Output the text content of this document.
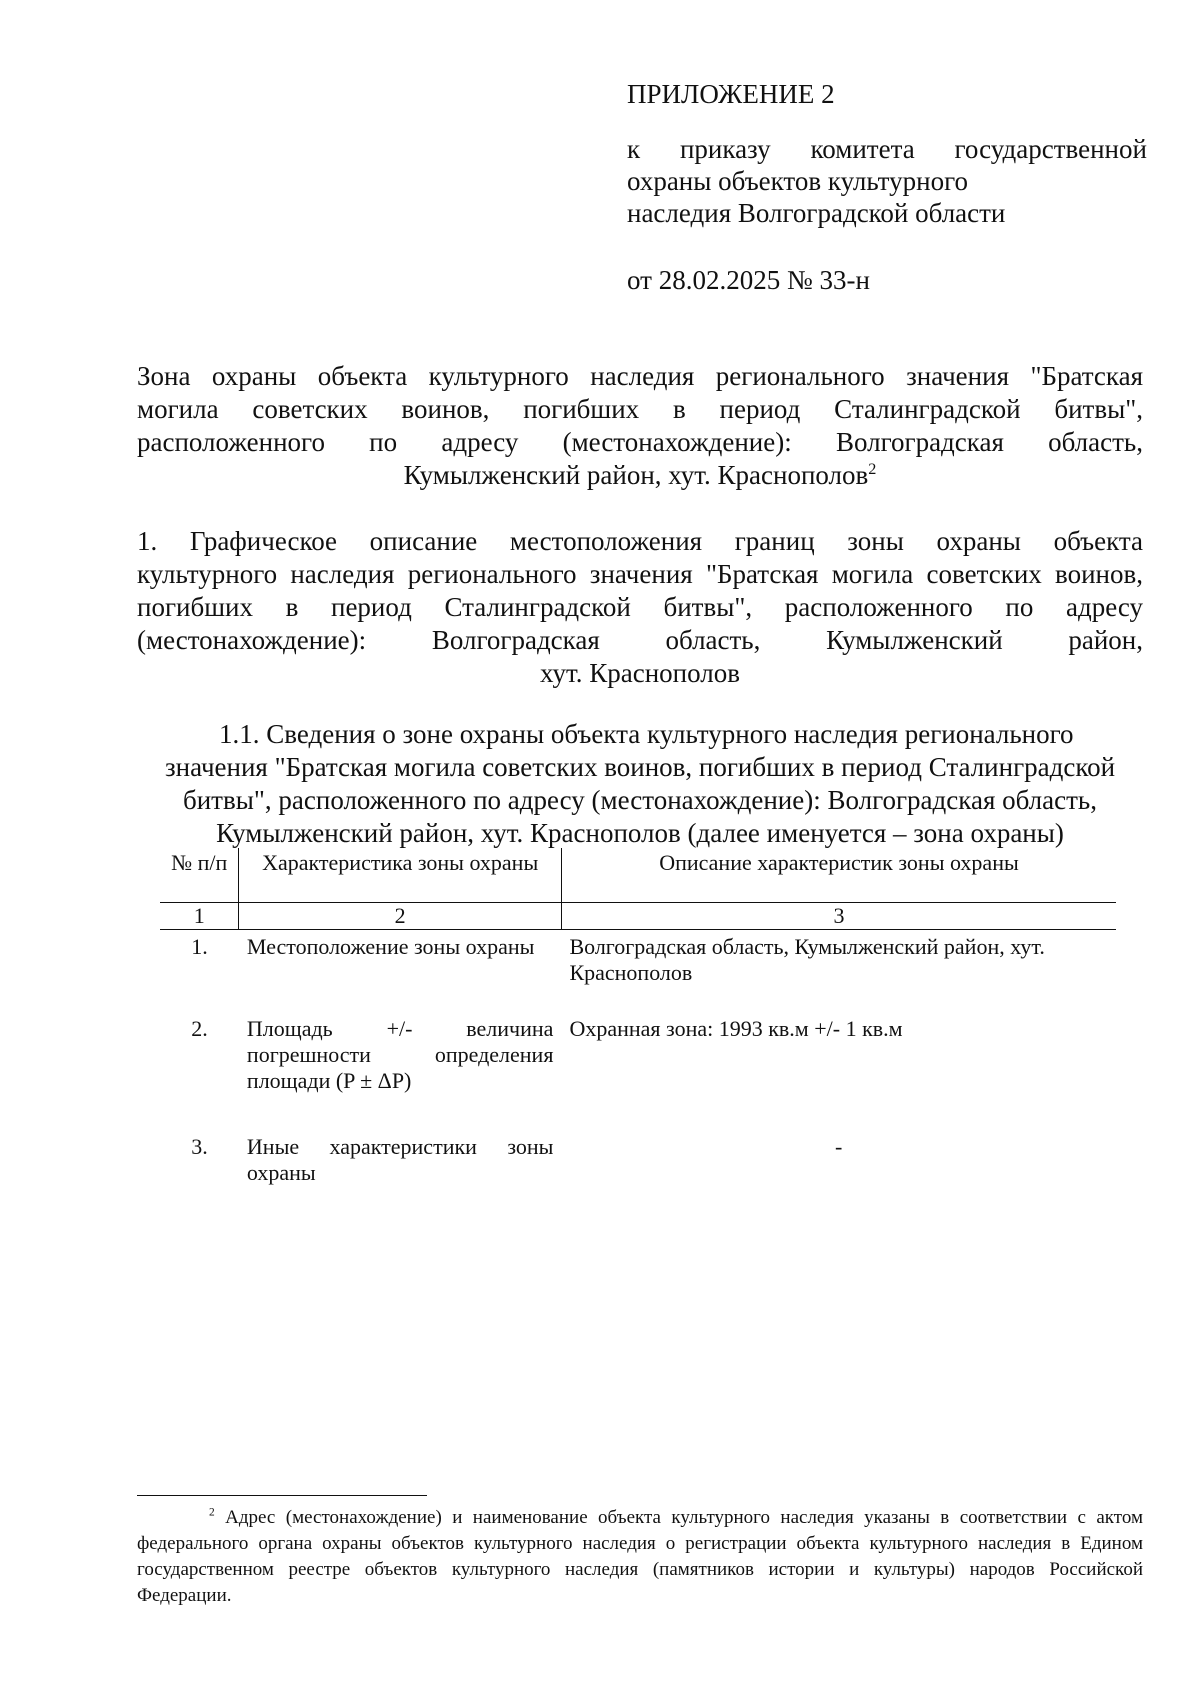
ПРИЛОЖЕНИЕ 2
к приказу комитета государственной
охраны объектов культурного
наследия Волгоградской области
от 28.02.2025 № 33-н
Зона охраны объекта культурного наследия регионального значения "Братская
могила советских воинов, погибших в период Сталинградской битвы",
расположенного по адресу (местонахождение): Волгоградская область,
Кумылженский район, хут. Краснополов$^2$
1. Графическое описание местоположения границ зоны охраны объекта
культурного наследия регионального значения "Братская могила советских воинов,
погибших в период Сталинградской битвы", расположенного по адресу
(местонахождение): Волгоградская область, Кумылженский район,
хут. Краснополов
1.1. Сведения о зоне охраны объекта культурного наследия регионального
значения "Братская могила советских воинов, погибших в период Сталинградской
битвы", расположенного по адресу (местонахождение): Волгоградская область,
Кумылженский район, хут. Краснополов (далее именуется – зона охраны)
№ п/п	Характеристика зоны охраны	Описание характеристик зоны охраны
1	2	3
1.	Местоположение зоны охраны	Волгоградская область, Кумылженский район, хут. Краснополов
2.	Площадь +/- величина погрешности определения площади (P ± ΔP)	Охранная зона: 1993 кв.м +/- 1 кв.м
3.	Иные характеристики зоны охраны	-
$^2$ Адрес (местонахождение) и наименование объекта культурного наследия указаны в соответствии с актом федерального органа охраны объектов культурного наследия о регистрации объекта культурного наследия в Едином государственном реестре объектов культурного наследия (памятников истории и культуры) народов Российской Федерации.
